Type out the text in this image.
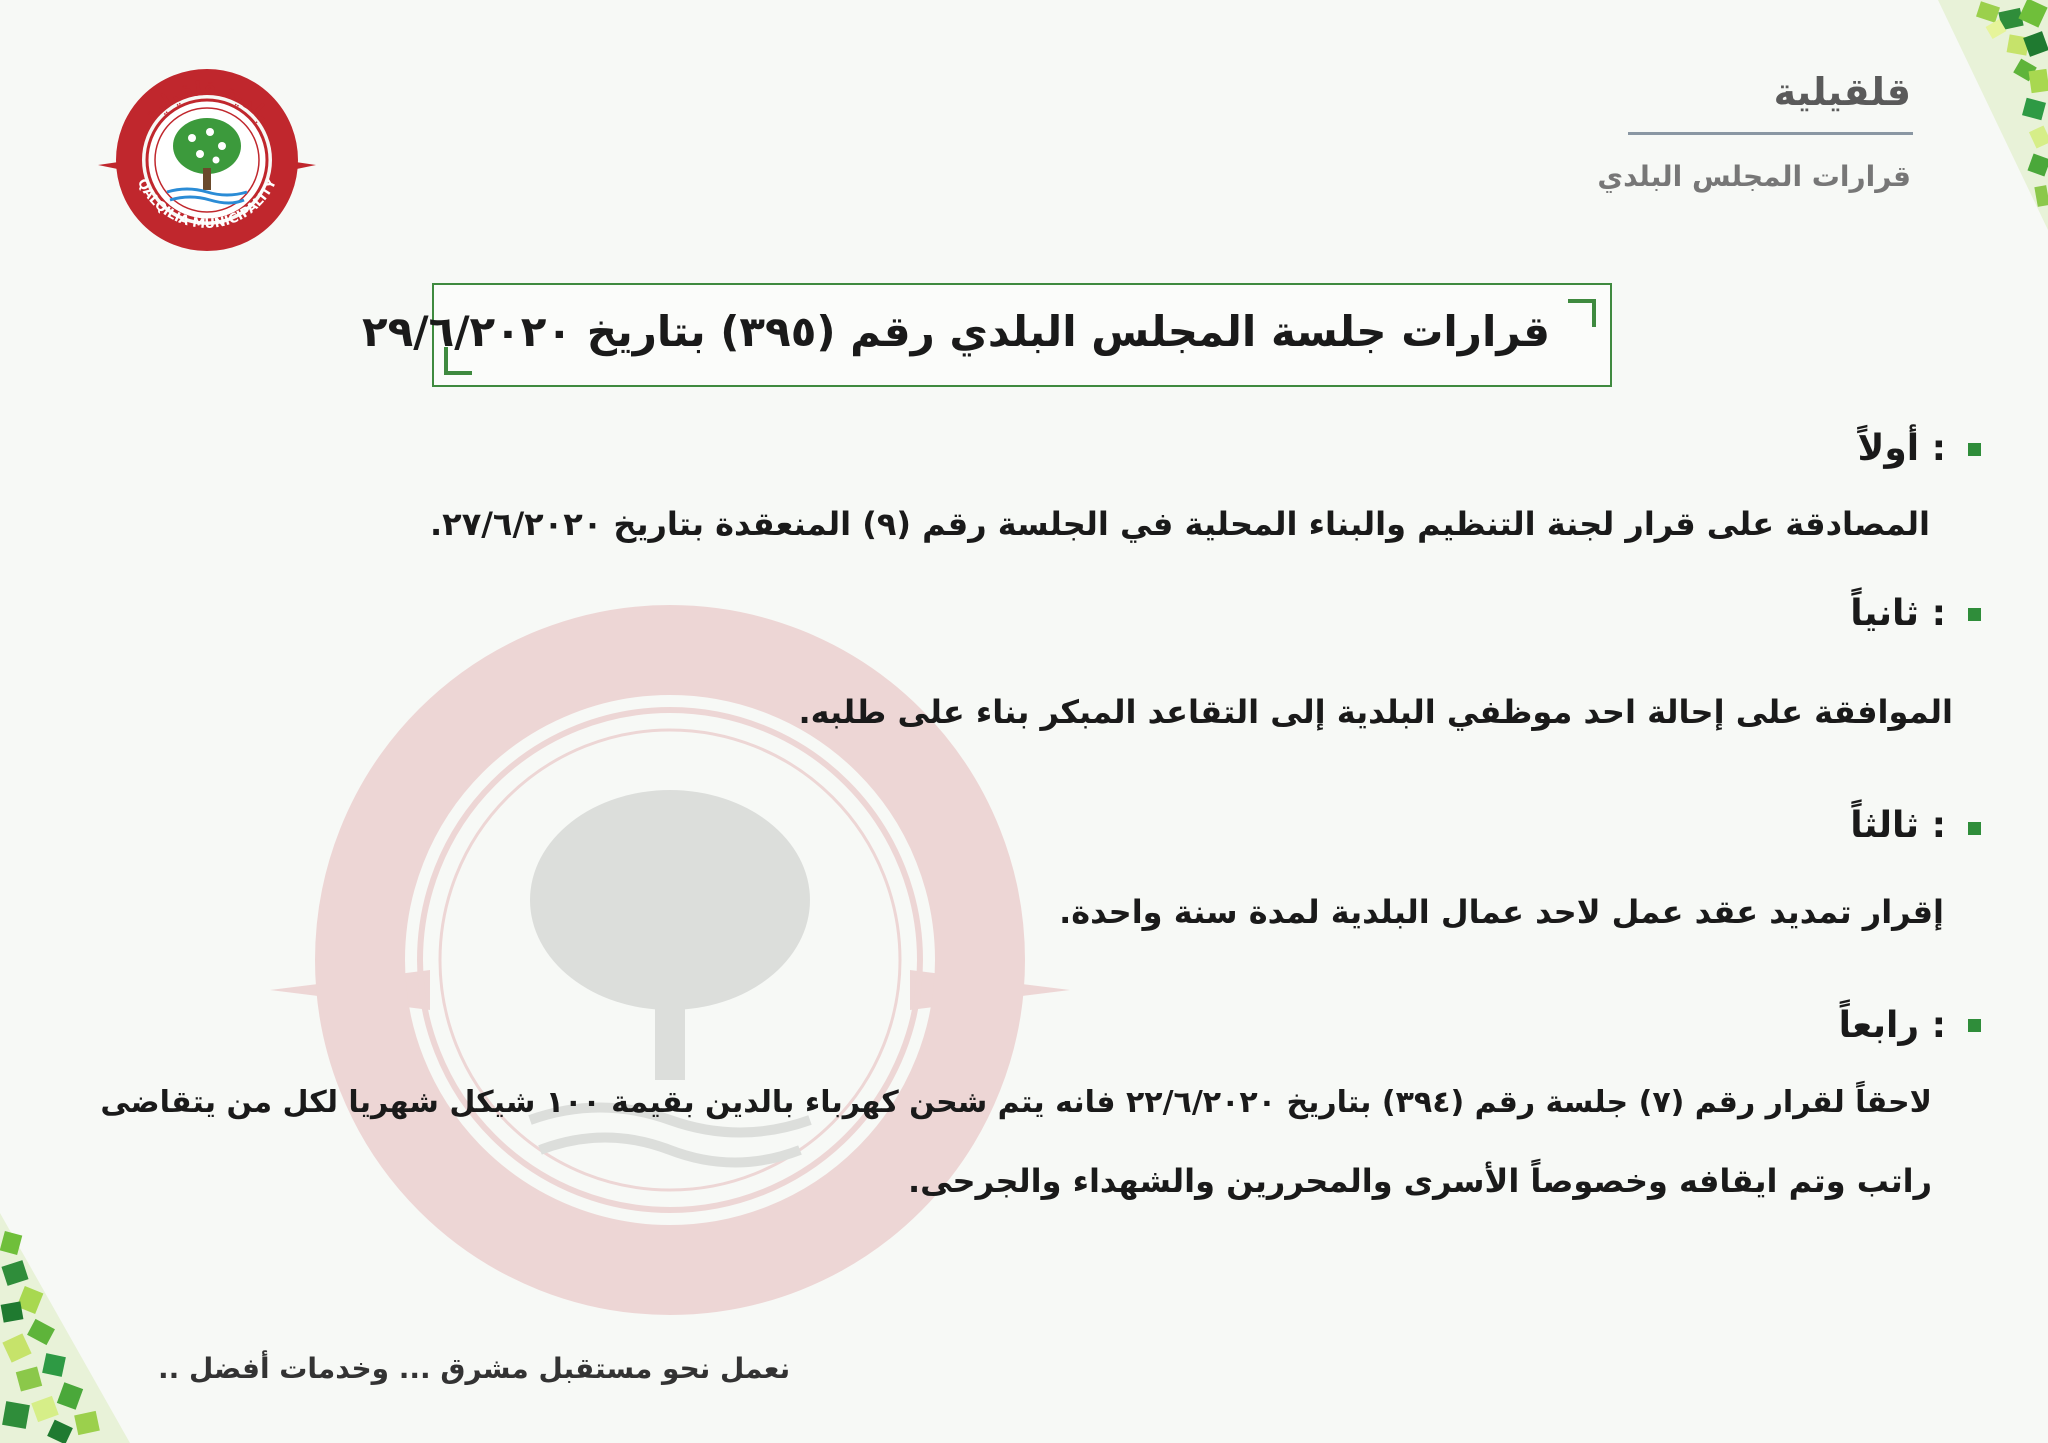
بلدية قلقيلية
QALQILIA MUNICIPALITY
قلقيلية
قرارات المجلس البلدي
قرارات جلسة المجلس البلدي رقم (٣٩٥) بتاريخ ٢٩/٦/٢٠٢٠
أولاً :
المصادقة على قرار لجنة التنظيم والبناء المحلية في الجلسة رقم (٩) المنعقدة بتاريخ ٢٧/٦/٢٠٢٠.
ثانياً :
الموافقة على إحالة احد موظفي البلدية إلى التقاعد المبكر بناء على طلبه.
ثالثاً :
إقرار تمديد عقد عمل لاحد عمال البلدية لمدة سنة واحدة.
رابعاً :
لاحقاً لقرار رقم (٧) جلسة رقم (٣٩٤) بتاريخ ٢٢/٦/٢٠٢٠ فانه يتم شحن كهرباء بالدين بقيمة ١٠٠ شيكل شهريا لكل من يتقاضى
راتب وتم ايقافه وخصوصاً الأسرى والمحررين والشهداء والجرحى.
نعمل نحو مستقبل مشرق ... وخدمات أفضل ..
